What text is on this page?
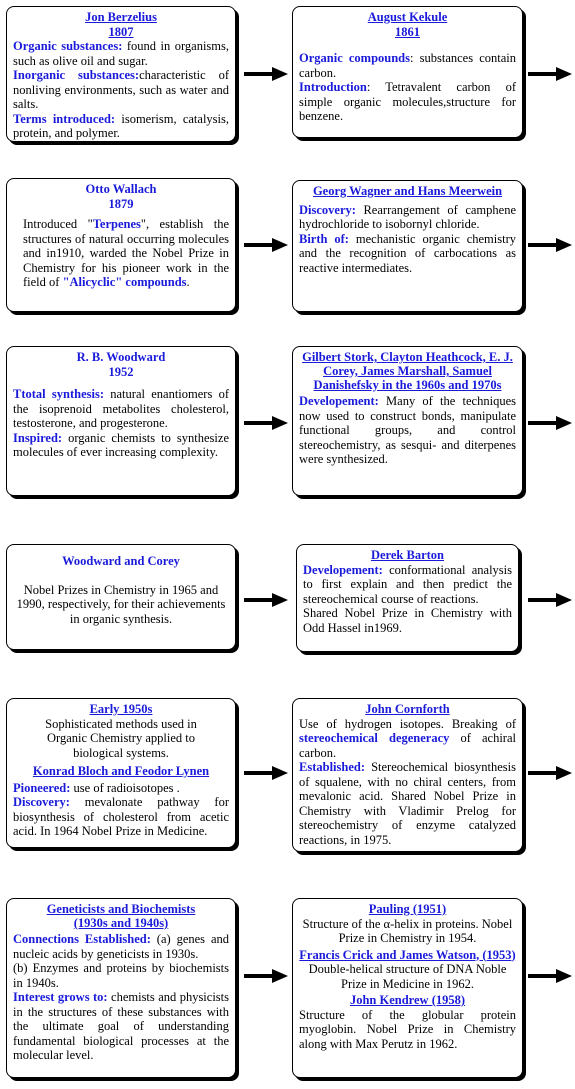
Jon Berzelius
1807

Organic substances: found in organisms, such as olive oil and sugar.

Inorganic substances:characteristic of nonliving environments, such as water and salts.

Terms introduced: isomerism, catalysis, protein, and polymer.

August Kekule
1861

Organic compounds: substances contain carbon.

Introduction: Tetravalent carbon of simple organic molecules,structure for benzene.

Otto Wallach
1879

Introduced "Terpenes", establish the structures of natural occurring molecules and in1910, warded the Nobel Prize in Chemistry for his pioneer work in the field of "Alicyclic" compounds.

Georg Wagner and Hans Meerwein

Discovery: Rearrangement of camphene hydrochloride to isobornyl chloride.

Birth of: mechanistic organic chemistry and the recognition of carbocations as reactive intermediates.

R. B. Woodward
1952

Ttotal synthesis: natural enantiomers of the isoprenoid metabolites cholesterol, testosterone, and progesterone.

Inspired: organic chemists to synthesize molecules of ever increasing complexity.

Gilbert Stork, Clayton Heathcock, E. J. Corey, James Marshall, Samuel Danishefsky in the 1960s and 1970s

Developement: Many of the techniques now used to construct bonds, manipulate functional groups, and control stereochemistry, as sesqui- and diterpenes were synthesized.

Woodward and Corey

Nobel Prizes in Chemistry in 1965 and 1990, respectively, for their achievements in organic synthesis.

Derek Barton

Developement: conformational analysis to first explain and then predict the stereochemical course of reactions.

Shared Nobel Prize in Chemistry with Odd Hassel in1969.

Early 1950s

Sophisticated methods used in Organic Chemistry applied to biological systems.

Konrad Bloch and Feodor Lynen

Pioneered: use of radioisotopes .

Discovery: mevalonate pathway for biosynthesis of cholesterol from acetic acid. In 1964 Nobel Prize in Medicine.

John Cornforth

Use of hydrogen isotopes. Breaking of stereochemical degeneracy of achiral carbon.

Established: Stereochemical biosynthesis of squalene, with no chiral centers, from mevalonic acid. Shared Nobel Prize in Chemistry with Vladimir Prelog for stereochemistry of enzyme catalyzed reactions, in 1975.

Geneticists and Biochemists (1930s and 1940s)

Connections Established: (a) genes and nucleic acids by geneticists in 1930s.

(b) Enzymes and proteins by biochemists in 1940s.

Interest grows to: chemists and physicists in the structures of these substances with the ultimate goal of understanding fundamental biological processes at the molecular level.

Pauling (1951)

Structure of the α-helix in proteins. Nobel Prize in Chemistry in 1954.

Francis Crick and James Watson, (1953)

Double-helical structure of DNA Noble Prize in Medicine in 1962.

John Kendrew (1958)

Structure of the globular protein myoglobin. Nobel Prize in Chemistry along with Max Perutz in 1962.
